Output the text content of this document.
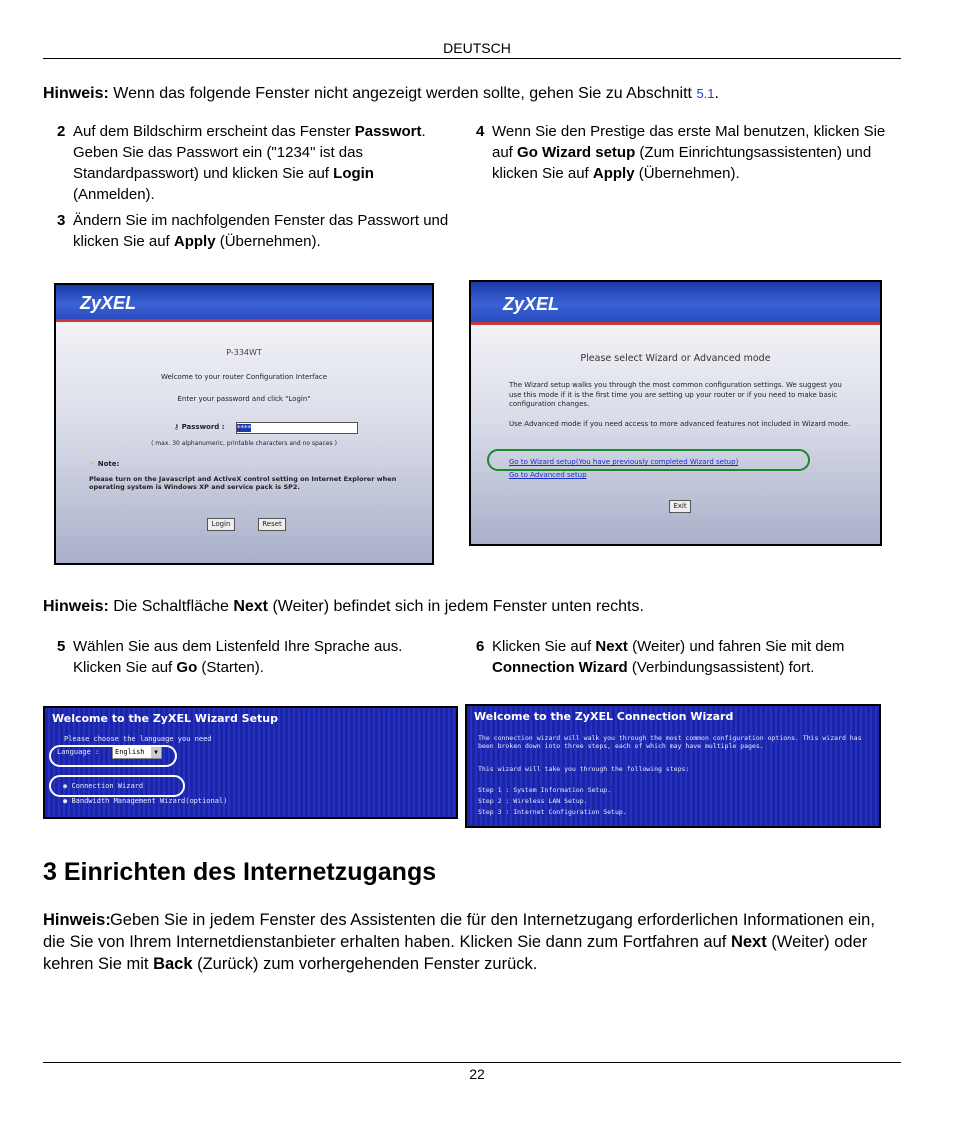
DEUTSCH
Hinweis: Wenn das folgende Fenster nicht angezeigt werden sollte, gehen Sie zu Abschnitt 5.1.
2 Auf dem Bildschirm erscheint das Fenster Passwort. Geben Sie das Passwort ein ("1234" ist das Standardpasswort) und klicken Sie auf Login (Anmelden).
3 Ändern Sie im nachfolgenden Fenster das Passwort und klicken Sie auf Apply (Übernehmen).
4 Wenn Sie den Prestige das erste Mal benutzen, klicken Sie auf Go Wizard setup (Zum Einrichtungsassistenten) und klicken Sie auf Apply (Übernehmen).
ZyXEL
P-334WT
Welcome to your router Configuration Interface
Enter your password and click "Login"
⚷ Password : ****
( max. 30 alphanumeric, printable characters and no spaces )
☞ Note:
Please turn on the Javascript and ActiveX control setting on Internet Explorer when operating system is Windows XP and service pack is SP2.
Login	Reset
ZyXEL
Please select Wizard or Advanced mode
The Wizard setup walks you through the most common configuration settings. We suggest you use this mode if it is the first time you are setting up your router or if you need to make basic configuration changes.
Use Advanced mode if you need access to more advanced features not included in Wizard mode.
Go to Wizard setup(You have previously completed Wizard setup)
Go to Advanced setup
Exit
Hinweis: Die Schaltfläche Next (Weiter) befindet sich in jedem Fenster unten rechts.
5 Wählen Sie aus dem Listenfeld Ihre Sprache aus. Klicken Sie auf Go (Starten).
6 Klicken Sie auf Next (Weiter) und fahren Sie mit dem Connection Wizard (Verbindungsassistent) fort.
Welcome to the ZyXEL Wizard Setup
Please choose the language you need
Language :	English	▼
◉ Connection Wizard
● Bandwidth Management Wizard(optional)
Welcome to the ZyXEL Connection Wizard
The connection wizard will walk you through the most common configuration options. This wizard has been broken down into three steps, each of which may have multiple pages.
This wizard will take you through the following steps:
Step 1 : System Information Setup.
Step 2 : Wireless LAN Setup.
Step 3 : Internet Configuration Setup.
3 Einrichten des Internetzugangs
Hinweis: Geben Sie in jedem Fenster des Assistenten die für den Internetzugang erforderlichen Informationen ein, die Sie von Ihrem Internetdienstanbieter erhalten haben. Klicken Sie dann zum Fortfahren auf Next (Weiter) oder kehren Sie mit Back (Zurück) zum vorhergehenden Fenster zurück.
22
